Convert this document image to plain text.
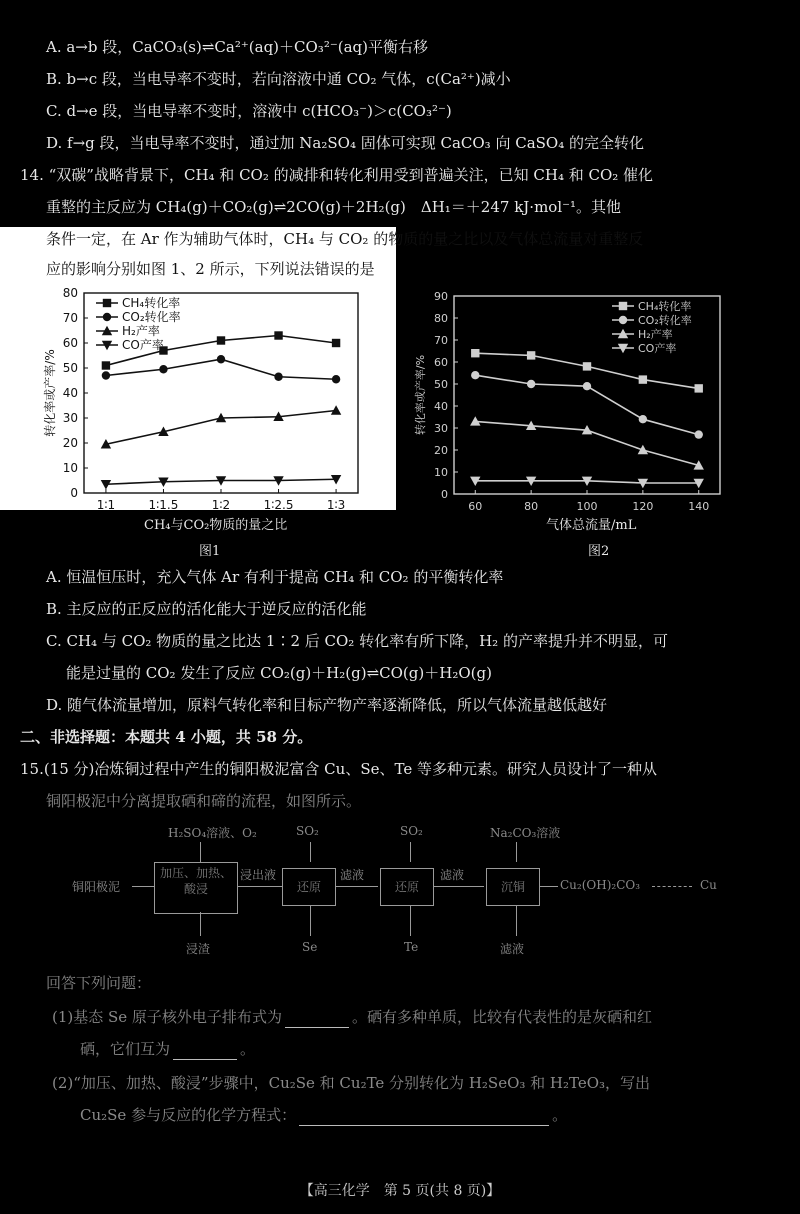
A. a→b 段，CaCO₃(s)⇌Ca²⁺(aq)＋CO₃²⁻(aq)平衡右移
B. b→c 段，当电导率不变时，若向溶液中通 CO₂ 气体，c(Ca²⁺)减小
C. d→e 段，当电导率不变时，溶液中 c(HCO₃⁻)＞c(CO₃²⁻)
D. f→g 段，当电导率不变时，通过加 Na₂SO₄ 固体可实现 CaCO₃ 向 CaSO₄ 的完全转化
14. “双碳”战略背景下，CH₄ 和 CO₂ 的减排和转化利用受到普遍关注，已知 CH₄ 和 CO₂ 催化
重整的主反应为 CH₄(g)＋CO₂(g)⇌2CO(g)＋2H₂(g)　ΔH₁＝＋247 kJ·mol⁻¹。其他
条件一定，在 Ar 作为辅助气体时，CH₄ 与 CO₂ 的物质的量之比以及气体总流量对重整反
应的影响分别如图 1、2 所示，下列说法错误的是
0
10
20
30
40
50
60
70
80
1∶1	1∶1.5	1∶2	1∶2.5	1∶3
转化率或产率/%
CH₄转化率
CO₂转化率
H₂产率
CO产率
CH₄与CO₂物质的量之比
图1
0
10
20
30
40
50
60
70
80
90
60	80	100	120	140
转化率或产率/%
CH₄转化率
CO₂转化率
H₂产率
CO产率
气体总流量/mL
图2
A. 恒温恒压时，充入气体 Ar 有利于提高 CH₄ 和 CO₂ 的平衡转化率
B. 主反应的正反应的活化能大于逆反应的活化能
C. CH₄ 与 CO₂ 物质的量之比达 1∶2 后 CO₂ 转化率有所下降，H₂ 的产率提升并不明显，可
能是过量的 CO₂ 发生了反应 CO₂(g)＋H₂(g)⇌CO(g)＋H₂O(g)
D. 随气体流量增加，原料气转化率和目标产物产率逐渐降低，所以气体流量越低越好
二、非选择题：本题共 4 小题，共 58 分。
15.(15 分)冶炼铜过程中产生的铜阳极泥富含 Cu、Se、Te 等多种元素。研究人员设计了一种从
铜阳极泥中分离提取硒和碲的流程，如图所示。
H₂SO₄溶液、O₂	SO₂	SO₂	Na₂CO₃溶液
铜阳极泥
加压、加热、酸浸
浸出液
还原
滤液
还原
滤液
沉铜	Cu₂(OH)₂CO₃	Cu
浸渣	Se	Te	滤液
回答下列问题：
(1)基态 Se 原子核外电子排布式为	。硒有多种单质，比较有代表性的是灰硒和红
硒，它们互为	。
(2)“加压、加热、酸浸”步骤中，Cu₂Se 和 Cu₂Te 分别转化为 H₂SeO₃ 和 H₂TeO₃，写出
Cu₂Se 参与反应的化学方程式：	。
【高三化学　第 5 页(共 8 页)】
